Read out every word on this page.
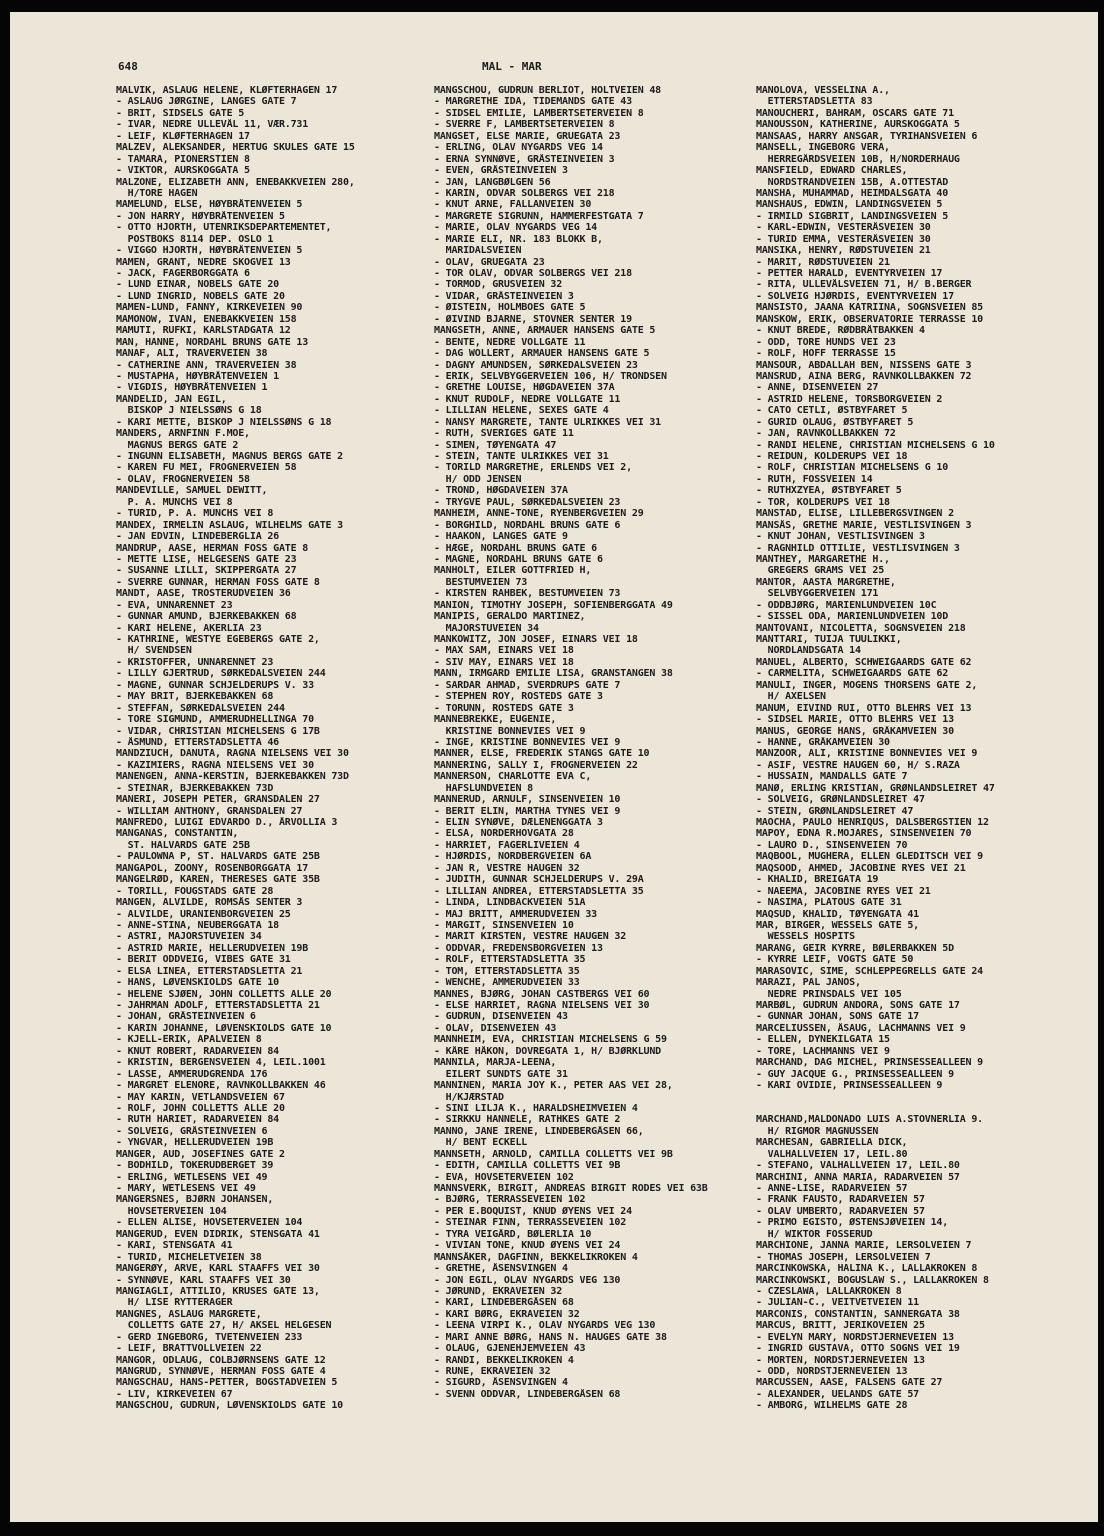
648	MAL - MAR
MALVIK, ASLAUG HELENE, KLØFTERHAGEN 17
- ASLAUG JØRGINE, LANGES GATE 7
- BRIT, SIDSELS GATE 5
- IVAR, NEDRE ULLEVÅL 11, VÆR.731
- LEIF, KLØFTERHAGEN 17
MALZEV, ALEKSANDER, HERTUG SKULES GATE 15
- TAMARA, PIONERSTIEN 8
- VIKTOR, AURSKOGGATA 5
MALZONE, ELIZABETH ANN, ENEBAKKVEIEN 280,
H/TORE HAGEN
MAMELUND, ELSE, HØYBRÅTENVEIEN 5
- JON HARRY, HØYBRÅTENVEIEN 5
- OTTO HJORTH, UTENRIKSDEPARTEMENTET,
POSTBOKS 8114 DEP. OSLO 1
- VIGGO HJORTH, HØYBRÅTENVEIEN 5
MAMEN, GRANT, NEDRE SKOGVEI 13
- JACK, FAGERBORGGATA 6
- LUND EINAR, NOBELS GATE 20
- LUND INGRID, NOBELS GATE 20
MAMEN-LUND, FANNY, KIRKEVEIEN 90
MAMONOW, IVAN, ENEBAKKVEIEN 158
MAMUTI, RUFKI, KARLSTADGATA 12
MAN, HANNE, NORDAHL BRUNS GATE 13
MANAF, ALI, TRAVERVEIEN 38
- CATHERINE ANN, TRAVERVEIEN 38
- MUSTAPHA, HØYBRÅTENVEIEN 1
- VIGDIS, HØYBRÅTENVEIEN 1
MANDELID, JAN EGIL,
BISKOP J NIELSSØNS G 18
- KARI METTE, BISKOP J NIELSSØNS G 18
MANDERS, ARNFINN F.MOE,
MAGNUS BERGS GATE 2
- INGUNN ELISABETH, MAGNUS BERGS GATE 2
- KAREN FU MEI, FROGNERVEIEN 58
- OLAV, FROGNERVEIEN 58
MANDEVILLE, SAMUEL DEWITT,
P. A. MUNCHS VEI 8
- TURID, P. A. MUNCHS VEI 8
MANDEX, IRMELIN ASLAUG, WILHELMS GATE 3
- JAN EDVIN, LINDEBERGLIA 26
MANDRUP, AASE, HERMAN FOSS GATE 8
- METTE LISE, HELGESENS GATE 23
- SUSANNE LILLI, SKIPPERGATA 27
- SVERRE GUNNAR, HERMAN FOSS GATE 8
MANDT, AASE, TROSTERUDVEIEN 36
- EVA, UNNARENNET 23
- GUNNAR AMUND, BJERKEBAKKEN 68
- KARI HELENE, AKERLIA 23
- KATHRINE, WESTYE EGEBERGS GATE 2,
H/ SVENDSEN
- KRISTOFFER, UNNARENNET 23
- LILLY GJERTRUD, SØRKEDALSVEIEN 244
- MAGNE, GUNNAR SCHJELDERUPS V. 33
- MAY BRIT, BJERKEBAKKEN 68
- STEFFAN, SØRKEDALSVEIEN 244
- TORE SIGMUND, AMMERUDHELLINGA 70
- VIDAR, CHRISTIAN MICHELSENS G 17B
- ÅSMUND, ETTERSTADSLETTA 46
MANDZIUCH, DANUTA, RAGNA NIELSENS VEI 30
- KAZIMIERS, RAGNA NIELSENS VEI 30
MANENGEN, ANNA-KERSTIN, BJERKEBAKKEN 73D
- STEINAR, BJERKEBAKKEN 73D
MANERI, JOSEPH PETER, GRANSDALEN 27
- WILLIAM ANTHONY, GRANSDALEN 27
MANFREDO, LUIGI EDVARDO D., ÅRVOLLIA 3
MANGANAS, CONSTANTIN,
ST. HALVARDS GATE 25B
- PAULOWNA P, ST. HALVARDS GATE 25B
MANGAPOL, ZOONY, ROSENBORGGATA 17
MANGELRØD, KAREN, THERESES GATE 35B
- TORILL, FOUGSTADS GATE 28
MANGEN, ALVILDE, ROMSÅS SENTER 3
- ALVILDE, URANIENBORGVEIEN 25
- ANNE-STINA, NEUBERGGATA 18
- ASTRI, MAJORSTUVEIEN 34
- ASTRID MARIE, HELLERUDVEIEN 19B
- BERIT ODDVEIG, VIBES GATE 31
- ELSA LINEA, ETTERSTADSLETTA 21
- HANS, LØVENSKIOLDS GATE 10
- HELENE SJØEN, JOHN COLLETTS ALLE 20
- JAHRMAN ADOLF, ETTERSTADSLETTA 21
- JOHAN, GRÅSTEINVEIEN 6
- KARIN JOHANNE, LØVENSKIOLDS GATE 10
- KJELL-ERIK, APALVEIEN 8
- KNUT ROBERT, RADARVEIEN 84
- KRISTIN, BERGENSVEIEN 4, LEIL.1001
- LASSE, AMMERUDGRENDA 176
- MARGRET ELENORE, RAVNKOLLBAKKEN 46
- MAY KARIN, VETLANDSVEIEN 67
- ROLF, JOHN COLLETTS ALLE 20
- RUTH HARIET, RADARVEIEN 84
- SOLVEIG, GRÅSTEINVEIEN 6
- YNGVAR, HELLERUDVEIEN 19B
MANGER, AUD, JOSEFINES GATE 2
- BODHILD, TOKERUDBERGET 39
- ERLING, WETLESENS VEI 49
- MARY, WETLESENS VEI 49
MANGERSNES, BJØRN JOHANSEN,
HOVSETERVEIEN 104
- ELLEN ALISE, HOVSETERVEIEN 104
MANGERUD, EVEN DIDRIK, STENSGATA 41
- KARI, STENSGATA 41
- TURID, MICHELETVEIEN 38
MANGERØY, ARVE, KARL STAAFFS VEI 30
- SYNNØVE, KARL STAAFFS VEI 30
MANGIAGLI, ATTILIO, KRUSES GATE 13,
H/ LISE RYTTERAGER
MANGNES, ASLAUG MARGRETE,
COLLETTS GATE 27, H/ AKSEL HELGESEN
- GERD INGEBORG, TVETENVEIEN 233
- LEIF, BRATTVOLLVEIEN 22
MANGOR, ODLAUG, COLBJØRNSENS GATE 12
MANGRUD, SYNNØVE, HERMAN FOSS GATE 4
MANGSCHAU, HANS-PETTER, BOGSTADVEIEN 5
- LIV, KIRKEVEIEN 67
MANGSCHOU, GUDRUN, LØVENSKIOLDS GATE 10
MANGSCHOU, GUDRUN BERLIOT, HOLTVEIEN 48
- MARGRETHE IDA, TIDEMANDS GATE 43
- SIDSEL EMILIE, LAMBERTSETERVEIEN 8
- SVERRE F, LAMBERTSETERVEIEN 8
MANGSET, ELSE MARIE, GRUEGATA 23
- ERLING, OLAV NYGARDS VEG 14
- ERNA SYNNØVE, GRÅSTEINVEIEN 3
- EVEN, GRÅSTEINVEIEN 3
- JAN, LANGBØLGEN 56
- KARIN, ODVAR SOLBERGS VEI 218
- KNUT ARNE, FALLANVEIEN 30
- MARGRETE SIGRUNN, HAMMERFESTGATA 7
- MARIE, OLAV NYGARDS VEG 14
- MARIE ELI, NR. 183 BLOKK B,
MARIDALSVEIEN
- OLAV, GRUEGATA 23
- TOR OLAV, ODVAR SOLBERGS VEI 218
- TORMOD, GRUSVEIEN 32
- VIDAR, GRÅSTEINVEIEN 3
- ØISTEIN, HOLMBOES GATE 5
- ØIVIND BJARNE, STOVNER SENTER 19
MANGSETH, ANNE, ARMAUER HANSENS GATE 5
- BENTE, NEDRE VOLLGATE 11
- DAG WOLLERT, ARMAUER HANSENS GATE 5
- DAGNY AMUNDSEN, SØRKEDALSVEIEN 23
- ERIK, SELVBYGGERVEIEN 106, H/ TRONDSEN
- GRETHE LOUISE, HØGDAVEIEN 37A
- KNUT RUDOLF, NEDRE VOLLGATE 11
- LILLIAN HELENE, SEXES GATE 4
- NANSY MARGRETE, TANTE ULRIKKES VEI 31
- RUTH, SVERIGES GATE 11
- SIMEN, TØYENGATA 47
- STEIN, TANTE ULRIKKES VEI 31
- TORILD MARGRETHE, ERLENDS VEI 2,
H/ ODD JENSEN
- TROND, HØGDAVEIEN 37A
- TRYGVE PAUL, SØRKEDALSVEIEN 23
MANHEIM, ANNE-TONE, RYENBERGVEIEN 29
- BORGHILD, NORDAHL BRUNS GATE 6
- HAAKON, LANGES GATE 9
- HÆGE, NORDAHL BRUNS GATE 6
- MAGNE, NORDAHL BRUNS GATE 6
MANHOLT, EILER GOTTFRIED H,
BESTUMVEIEN 73
- KIRSTEN RAHBEK, BESTUMVEIEN 73
MANION, TIMOTHY JOSEPH, SOFIENBERGGATA 49
MANIPIS, GERALDO MARTINEZ,
MAJORSTUVEIEN 34
MANKOWITZ, JON JOSEF, EINARS VEI 18
- MAX SAM, EINARS VEI 18
- SIV MAY, EINARS VEI 18
MANN, IRMGARD EMILIE LISA, GRANSTANGEN 38
- SARDAR AHMAD, SVERDRUPS GATE 7
- STEPHEN ROY, ROSTEDS GATE 3
- TORUNN, ROSTEDS GATE 3
MANNEBREKKE, EUGENIE,
KRISTINE BONNEVIES VEI 9
- INGE, KRISTINE BONNEVIES VEI 9
MANNER, ELSE, FREDERIK STANGS GATE 10
MANNERING, SALLY I, FROGNERVEIEN 22
MANNERSON, CHARLOTTE EVA C,
HAFSLUNDVEIEN 8
MANNERUD, ARNULF, SINSENVEIEN 10
- BERIT ELIN, MARTHA TYNES VEI 9
- ELIN SYNØVE, DÆLENENGGATA 3
- ELSA, NORDERHOVGATA 28
- HARRIET, FAGERLIVEIEN 4
- HJØRDIS, NORDBERGVEIEN 6A
- JAN R, VESTRE HAUGEN 32
- JUDITH, GUNNAR SCHJELDERUPS V. 29A
- LILLIAN ANDREA, ETTERSTADSLETTA 35
- LINDA, LINDBACKVEIEN 51A
- MAJ BRITT, AMMERUDVEIEN 33
- MARGIT, SINSENVEIEN 10
- MARIT KIRSTEN, VESTRE HAUGEN 32
- ODDVAR, FREDENSBORGVEIEN 13
- ROLF, ETTERSTADSLETTA 35
- TOM, ETTERSTADSLETTA 35
- WENCHE, AMMERUDVEIEN 33
MANNES, BJØRG, JOHAN CASTBERGS VEI 60
- ELSE HARRIET, RAGNA NIELSENS VEI 30
- GUDRUN, DISENVEIEN 43
- OLAV, DISENVEIEN 43
MANNHEIM, EVA, CHRISTIAN MICHELSENS G 59
- KÅRE HÅKON, DOVREGATA 1, H/ BJØRKLUND
MANNILA, MARJA-LEENA,
EILERT SUNDTS GATE 31
MANNINEN, MARIA JOY K., PETER AAS VEI 28,
H/KJÆRSTAD
- SINI LILJA K., HARALDSHEIMVEIEN 4
- SIRKKU HANNELE, RATHKES GATE 2
MANNO, JANE IRENE, LINDEBERGÅSEN 66,
H/ BENT ECKELL
MANNSETH, ARNOLD, CAMILLA COLLETTS VEI 9B
- EDITH, CAMILLA COLLETTS VEI 9B
- EVA, HOVSETERVEIEN 102
MANNSVERK, BIRGIT, ANDREAS BIRGIT RODES VEI 63B
- BJØRG, TERRASSEVEIEN 102
- PER E.BOQUIST, KNUD ØYENS VEI 24
- STEINAR FINN, TERRASSEVEIEN 102
- TYRA VEIGÅRD, BØLERLIA 10
- VIVIAN TONE, KNUD ØYENS VEI 24
MANNSÅKER, DAGFINN, BEKKELIKROKEN 4
- GRETHE, ÅSENSVINGEN 4
- JON EGIL, OLAV NYGARDS VEG 130
- JØRUND, EKRAVEIEN 32
- KARI, LINDEBERGÅSEN 68
- KARI BØRG, EKRAVEIEN 32
- LEENA VIRPI K., OLAV NYGARDS VEG 130
- MARI ANNE BØRG, HANS N. HAUGES GATE 38
- OLAUG, GJENEHJEMVEIEN 43
- RANDI, BEKKELIKROKEN 4
- RUNE, EKRAVEIEN 32
- SIGURD, ÅSENSVINGEN 4
- SVENN ODDVAR, LINDEBERGÅSEN 68
MANOLOVA, VESSELINA A.,
ETTERSTADSLETTA 83
MANOUCHERI, BAHRAM, OSCARS GATE 71
MANOUSSON, KATHERINE, AURSKOGGATA 5
MANSAAS, HARRY ANSGAR, TYRIHANSVEIEN 6
MANSELL, INGEBORG VERA,
HERREGÅRDSVEIEN 10B, H/NORDERHAUG
MANSFIELD, EDWARD CHARLES,
NORDSTRANDVEIEN 15B, A.OTTESTAD
MANSHA, MUHAMMAD, HEIMDALSGATA 40
MANSHAUS, EDWIN, LANDINGSVEIEN 5
- IRMILD SIGBRIT, LANDINGSVEIEN 5
- KARL-EDWIN, VESTERÅSVEIEN 30
- TURID EMMA, VESTERÅSVEIEN 30
MANSIKA, HENRY, RØDSTUVEIEN 21
- MARIT, RØDSTUVEIEN 21
- PETTER HARALD, EVENTYRVEIEN 17
- RITA, ULLEVÅLSVEIEN 71, H/ B.BERGER
- SOLVEIG HJØRDIS, EVENTYRVEIEN 17
MANSISTO, JAANA KATRIINA, SOGNSVEIEN 85
MANSKOW, ERIK, OBSERVATORIE TERRASSE 10
- KNUT BREDE, RØDBRÅTBAKKEN 4
- ODD, TORE HUNDS VEI 23
- ROLF, HOFF TERRASSE 15
MANSOUR, ABDALLAH BEN, NISSENS GATE 3
MANSRUD, AINA BERG, RAVNKOLLBAKKEN 72
- ANNE, DISENVEIEN 27
- ASTRID HELENE, TORSBORGVEIEN 2
- CATO CETLI, ØSTBYFARET 5
- GURID OLAUG, ØSTBYFARET 5
- JAN, RAVNKOLLBAKKEN 72
- RANDI HELENE, CHRISTIAN MICHELSENS G 10
- REIDUN, KOLDERUPS VEI 18
- ROLF, CHRISTIAN MICHELSENS G 10
- RUTH, FOSSVEIEN 14
- RUTHXZYEA, ØSTBYFARET 5
- TOR, KOLDERUPS VEI 18
MANSTAD, ELISE, LILLEBERGSVINGEN 2
MANSÅS, GRETHE MARIE, VESTLISVINGEN 3
- KNUT JOHAN, VESTLISVINGEN 3
- RAGNHILD OTTILIE, VESTLISVINGEN 3
MANTHEY, MARGARETHE H.,
GREGERS GRAMS VEI 25
MANTOR, AASTA MARGRETHE,
SELVBYGGERVEIEN 171
- ODDBJØRG, MARIENLUNDVEIEN 10C
- SISSEL ODA, MARIENLUNDVEIEN 10D
MANTOVANI, NICOLETTA, SOGNSVEIEN 218
MANTTARI, TUIJA TUULIKKI,
NORDLANDSGATA 14
MANUEL, ALBERTO, SCHWEIGAARDS GATE 62
- CARMELITA, SCHWEIGAARDS GATE 62
MANULI, INGER, MOGENS THORSENS GATE 2,
H/ AXELSEN
MANUM, EIVIND RUI, OTTO BLEHRS VEI 13
- SIDSEL MARIE, OTTO BLEHRS VEI 13
MANUS, GEORGE HANS, GRÅKAMVEIEN 30
- HANNE, GRÅKAMVEIEN 30
MANZOOR, ALI, KRISTINE BONNEVIES VEI 9
- ASIF, VESTRE HAUGEN 60, H/ S.RAZA
- HUSSAIN, MANDALLS GATE 7
MANØ, ERLING KRISTIAN, GRØNLANDSLEIRET 47
- SOLVEIG, GRØNLANDSLEIRET 47
- STEIN, GRØNLANDSLEIRET 47
MAOCHA, PAULO HENRIQUS, DALSBERGSTIEN 12
MAPOY, EDNA R.MOJARES, SINSENVEIEN 70
- LAURO D., SINSENVEIEN 70
MAQBOOL, MUGHERA, ELLEN GLEDITSCH VEI 9
MAQSOOD, AHMED, JACOBINE RYES VEI 21
- KHALID, BREIGATA 19
- NAEEMA, JACOBINE RYES VEI 21
- NASIMA, PLATOUS GATE 31
MAQSUD, KHALID, TØYENGATA 41
MAR, BIRGER, WESSELS GATE 5,
WESSELS HOSPITS
MARANG, GEIR KYRRE, BØLERBAKKEN 5D
- KYRRE LEIF, VOGTS GATE 50
MARASOVIC, SIME, SCHLEPPEGRELLS GATE 24
MARAZI, PAL JANOS,
NEDRE PRINSDALS VEI 105
MARBØL, GUDRUN ANDORA, SONS GATE 17
- GUNNAR JOHAN, SONS GATE 17
MARCELIUSSEN, ÅSAUG, LACHMANNS VEI 9
- ELLEN, DYNEKILGATA 15
- TORE, LACHMANNS VEI 9
MARCHAND, DAG MICHEL, PRINSESSEALLEEN 9
- GUY JACQUE G., PRINSESSEALLEEN 9
- KARI OVIDIE, PRINSESSEALLEEN 9

MARCHAND,MALDONADO LUIS A.STOVNERLIA 9.
H/ RIGMOR MAGNUSSEN
MARCHESAN, GABRIELLA DICK,
VALHALLVEIEN 17, LEIL.80
- STEFANO, VALHALLVEIEN 17, LEIL.80
MARCHINI, ANNA MARIA, RADARVEIEN 57
- ANNE-LISE, RADARVEIEN 57
- FRANK FAUSTO, RADARVEIEN 57
- OLAV UMBERTO, RADARVEIEN 57
- PRIMO EGISTO, ØSTENSJØVEIEN 14,
H/ WIKTOR FOSSERUD
MARCHIONE, JANNA MARIE, LERSOLVEIEN 7
- THOMAS JOSEPH, LERSOLVEIEN 7
MARCINKOWSKA, HALINA K., LALLAKROKEN 8
MARCINKOWSKI, BOGUSLAW S., LALLAKROKEN 8
- CZESLAWA, LALLAKROKEN 8
- JULIAN-C., VEITVETVEIEN 11
MARCONIS, CONSTANTIN, SANNERGATA 38
MARCUS, BRITT, JERIKOVEIEN 25
- EVELYN MARY, NORDSTJERNEVEIEN 13
- INGRID GUSTAVA, OTTO SOGNS VEI 19
- MORTEN, NORDSTJERNEVEIEN 13
- ODD, NORDSTJERNEVEIEN 13
MARCUSSEN, AASE, FALSENS GATE 27
- ALEXANDER, UELANDS GATE 57
- AMBORG, WILHELMS GATE 28
